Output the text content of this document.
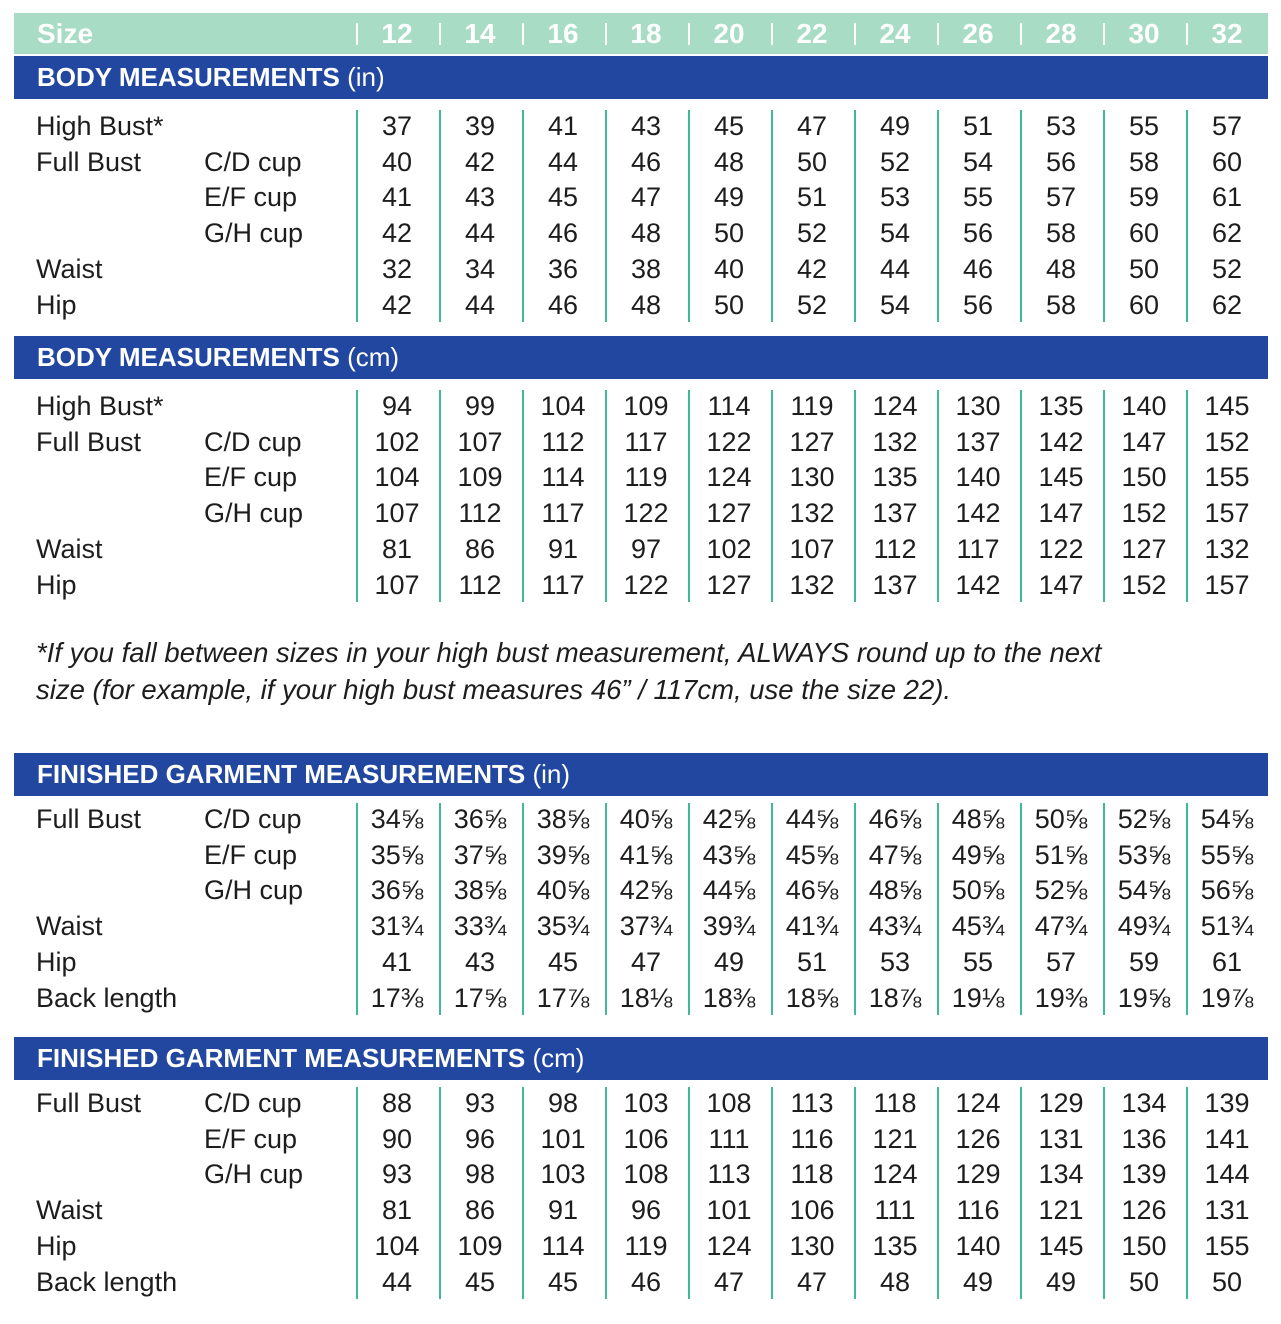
Size	12	14	16	18	20	22	24	26	28	30	32
BODY MEASUREMENTS (in)
High Bust*	37	39	41	43	45	47	49	51	53	55	57
Full Bust C/D cup	40	42	44	46	48	50	52	54	56	58	60
E/F cup	41	43	45	47	49	51	53	55	57	59	61
G/H cup	42	44	46	48	50	52	54	56	58	60	62
Waist	32	34	36	38	40	42	44	46	48	50	52
Hip	42	44	46	48	50	52	54	56	58	60	62
BODY MEASUREMENTS (cm)
High Bust*	94	99	104	109	114	119	124	130	135	140	145
Full Bust C/D cup	102	107	112	117	122	127	132	137	142	147	152
E/F cup	104	109	114	119	124	130	135	140	145	150	155
G/H cup	107	112	117	122	127	132	137	142	147	152	157
Waist	81	86	91	97	102	107	112	117	122	127	132
Hip	107	112	117	122	127	132	137	142	147	152	157
FINISHED GARMENT MEASUREMENTS (in)
Full Bust C/D cup	34⅝	36⅝	38⅝	40⅝	42⅝	44⅝	46⅝	48⅝	50⅝	52⅝	54⅝
E/F cup	35⅝	37⅝	39⅝	41⅝	43⅝	45⅝	47⅝	49⅝	51⅝	53⅝	55⅝
G/H cup	36⅝	38⅝	40⅝	42⅝	44⅝	46⅝	48⅝	50⅝	52⅝	54⅝	56⅝
Waist	31¾	33¾	35¾	37¾	39¾	41¾	43¾	45¾	47¾	49¾	51¾
Hip	41	43	45	47	49	51	53	55	57	59	61
Back length	17⅜	17⅝	17⅞	18⅛	18⅜	18⅝	18⅞	19⅛	19⅜	19⅝	19⅞
FINISHED GARMENT MEASUREMENTS (cm)
Full Bust C/D cup	88	93	98	103	108	113	118	124	129	134	139
E/F cup	90	96	101	106	111	116	121	126	131	136	141
G/H cup	93	98	103	108	113	118	124	129	134	139	144
Waist	81	86	91	96	101	106	111	116	121	126	131
Hip	104	109	114	119	124	130	135	140	145	150	155
Back length	44	45	45	46	47	47	48	49	49	50	50
*If you fall between sizes in your high bust measurement, ALWAYS round up to the next
size (for example, if your high bust measures 46” / 117cm, use the size 22).
